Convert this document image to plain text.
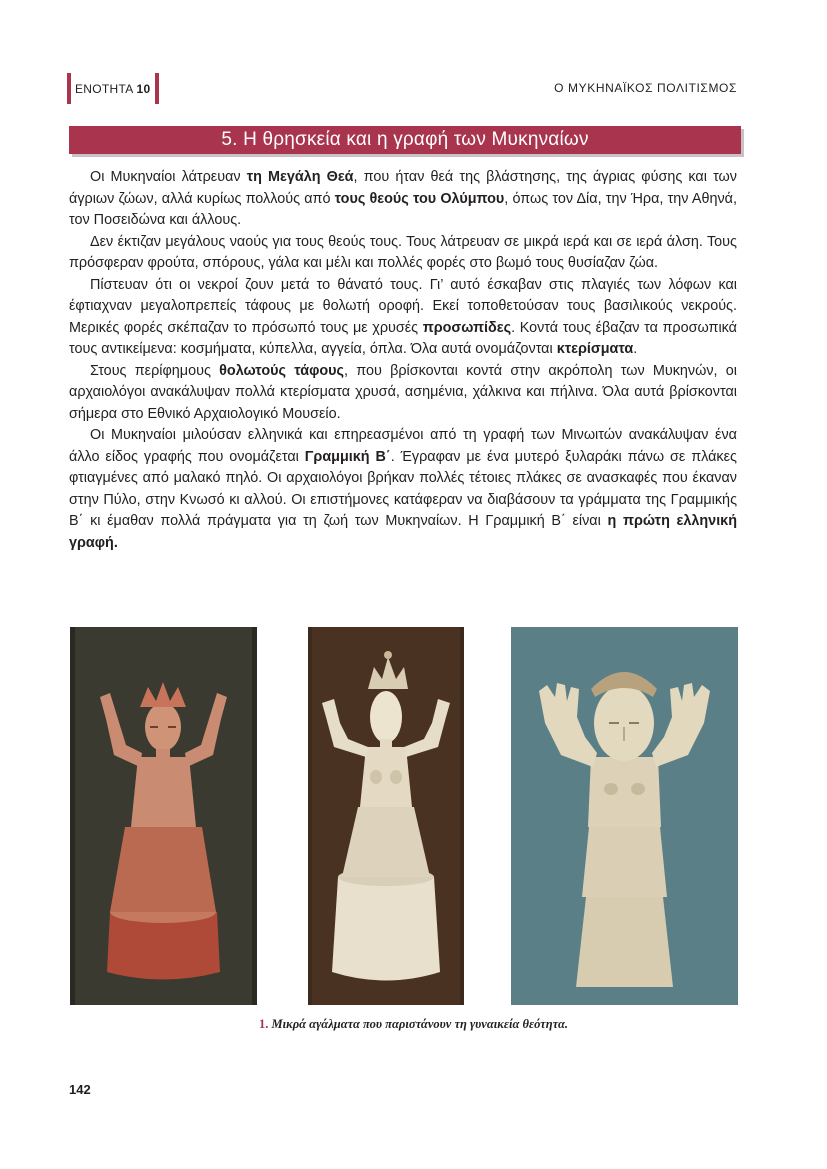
ΕΝΟΤΗΤΑ 10	Ο ΜΥΚΗΝΑΪΚΟΣ ΠΟΛΙΤΙΣΜΟΣ
5. Η θρησκεία και η γραφή των Μυκηναίων

Οι Μυκηναίοι λάτρευαν τη Μεγάλη Θεά, που ήταν θεά της βλάστησης, της άγριας φύσης και των άγριων ζώων, αλλά κυρίως πολλούς από τους θεούς του Ολύμπου, όπως τον Δία, την Ήρα, την Αθηνά, τον Ποσειδώνα και άλλους.

Δεν έκτιζαν μεγάλους ναούς για τους θεούς τους. Τους λάτρευαν σε μικρά ιερά και σε ιερά άλση. Τους πρόσφεραν φρούτα, σπόρους, γάλα και μέλι και πολλές φορές στο βωμό τους θυσίαζαν ζώα.

Πίστευαν ότι οι νεκροί ζουν μετά το θάνατό τους. Γι’ αυτό έσκαβαν στις πλαγιές των λόφων και έφτιαχναν μεγαλοπρεπείς τάφους με θολωτή οροφή. Εκεί τοποθετούσαν τους βασιλικούς νεκρούς. Μερικές φορές σκέπαζαν το πρόσωπό τους με χρυσές προσωπίδες. Κοντά τους έβαζαν τα προσωπικά τους αντικείμενα: κοσμήματα, κύπελλα, αγγεία, όπλα. Όλα αυτά ονομάζονται κτερίσματα.

Στους περίφημους θολωτούς τάφους, που βρίσκονται κοντά στην ακρόπολη των Μυκηνών, οι αρχαιολόγοι ανακάλυψαν πολλά κτερίσματα χρυσά, ασημένια, χάλκινα και πήλινα. Όλα αυτά βρίσκονται σήμερα στο Εθνικό Αρχαιολογικό Μουσείο.

Οι Μυκηναίοι μιλούσαν ελληνικά και επηρεασμένοι από τη γραφή των Μινωιτών ανακάλυψαν ένα άλλο είδος γραφής που ονομάζεται Γραμμική Β΄. Έγραφαν με ένα μυτερό ξυλαράκι πάνω σε πλάκες φτιαγμένες από μαλακό πηλό. Οι αρχαιολόγοι βρήκαν πολλές τέτοιες πλάκες σε ανασκαφές που έκαναν στην Πύλο, στην Κνωσό κι αλλού. Οι επιστήμονες κατάφεραν να διαβάσουν τα γράμματα της Γραμμικής Β΄ κι έμαθαν πολλά πράγματα για τη ζωή των Μυκηναίων. Η Γραμμική Β΄ είναι η πρώτη ελληνική γραφή.

1. Μικρά αγάλματα που παριστάνουν τη γυναικεία θεότητα.
142
